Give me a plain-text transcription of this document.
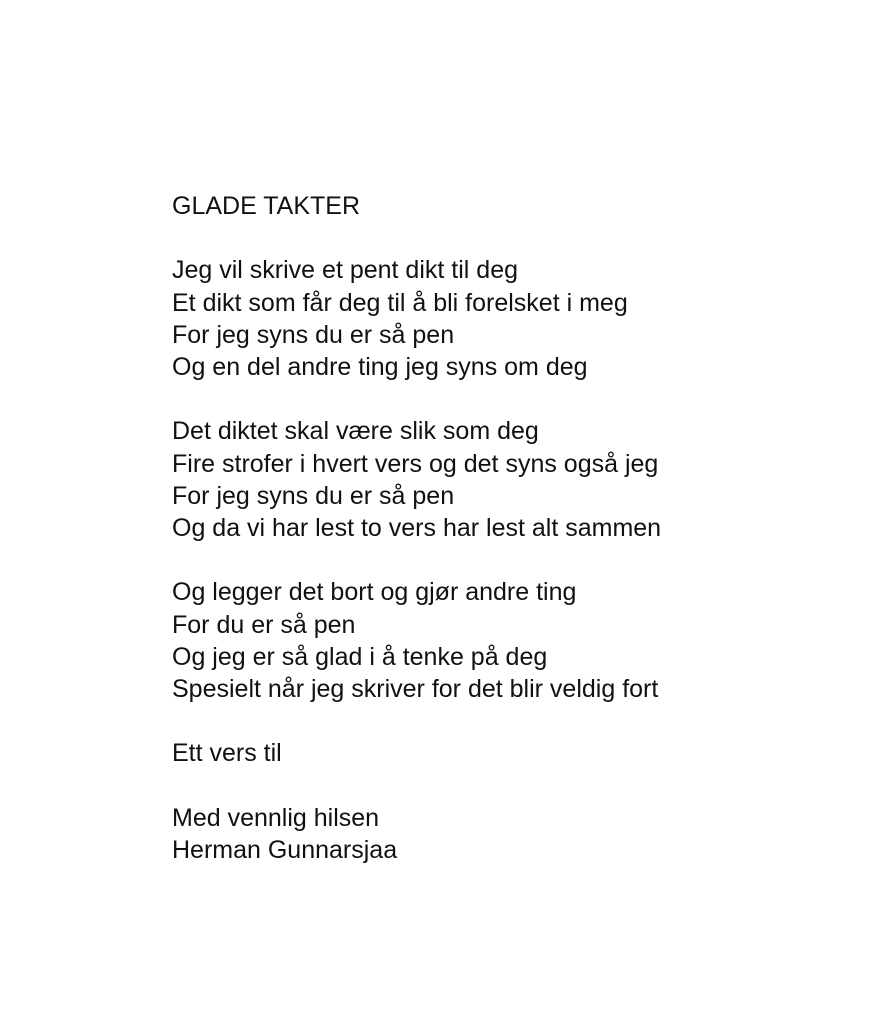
GLADE TAKTER
Jeg vil skrive et pent dikt til deg
Et dikt som får deg til å bli forelsket i meg
For jeg syns du er så pen
Og en del andre ting jeg syns om deg
Det diktet skal være slik som deg
Fire strofer i hvert vers og det syns også jeg
For jeg syns du er så pen
Og da vi har lest to vers har lest alt sammen
Og legger det bort og gjør andre ting
For du er så pen
Og jeg er så glad i å tenke på deg
Spesielt når jeg skriver for det blir veldig fort
Ett vers til
Med vennlig hilsen
Herman Gunnarsjaa
